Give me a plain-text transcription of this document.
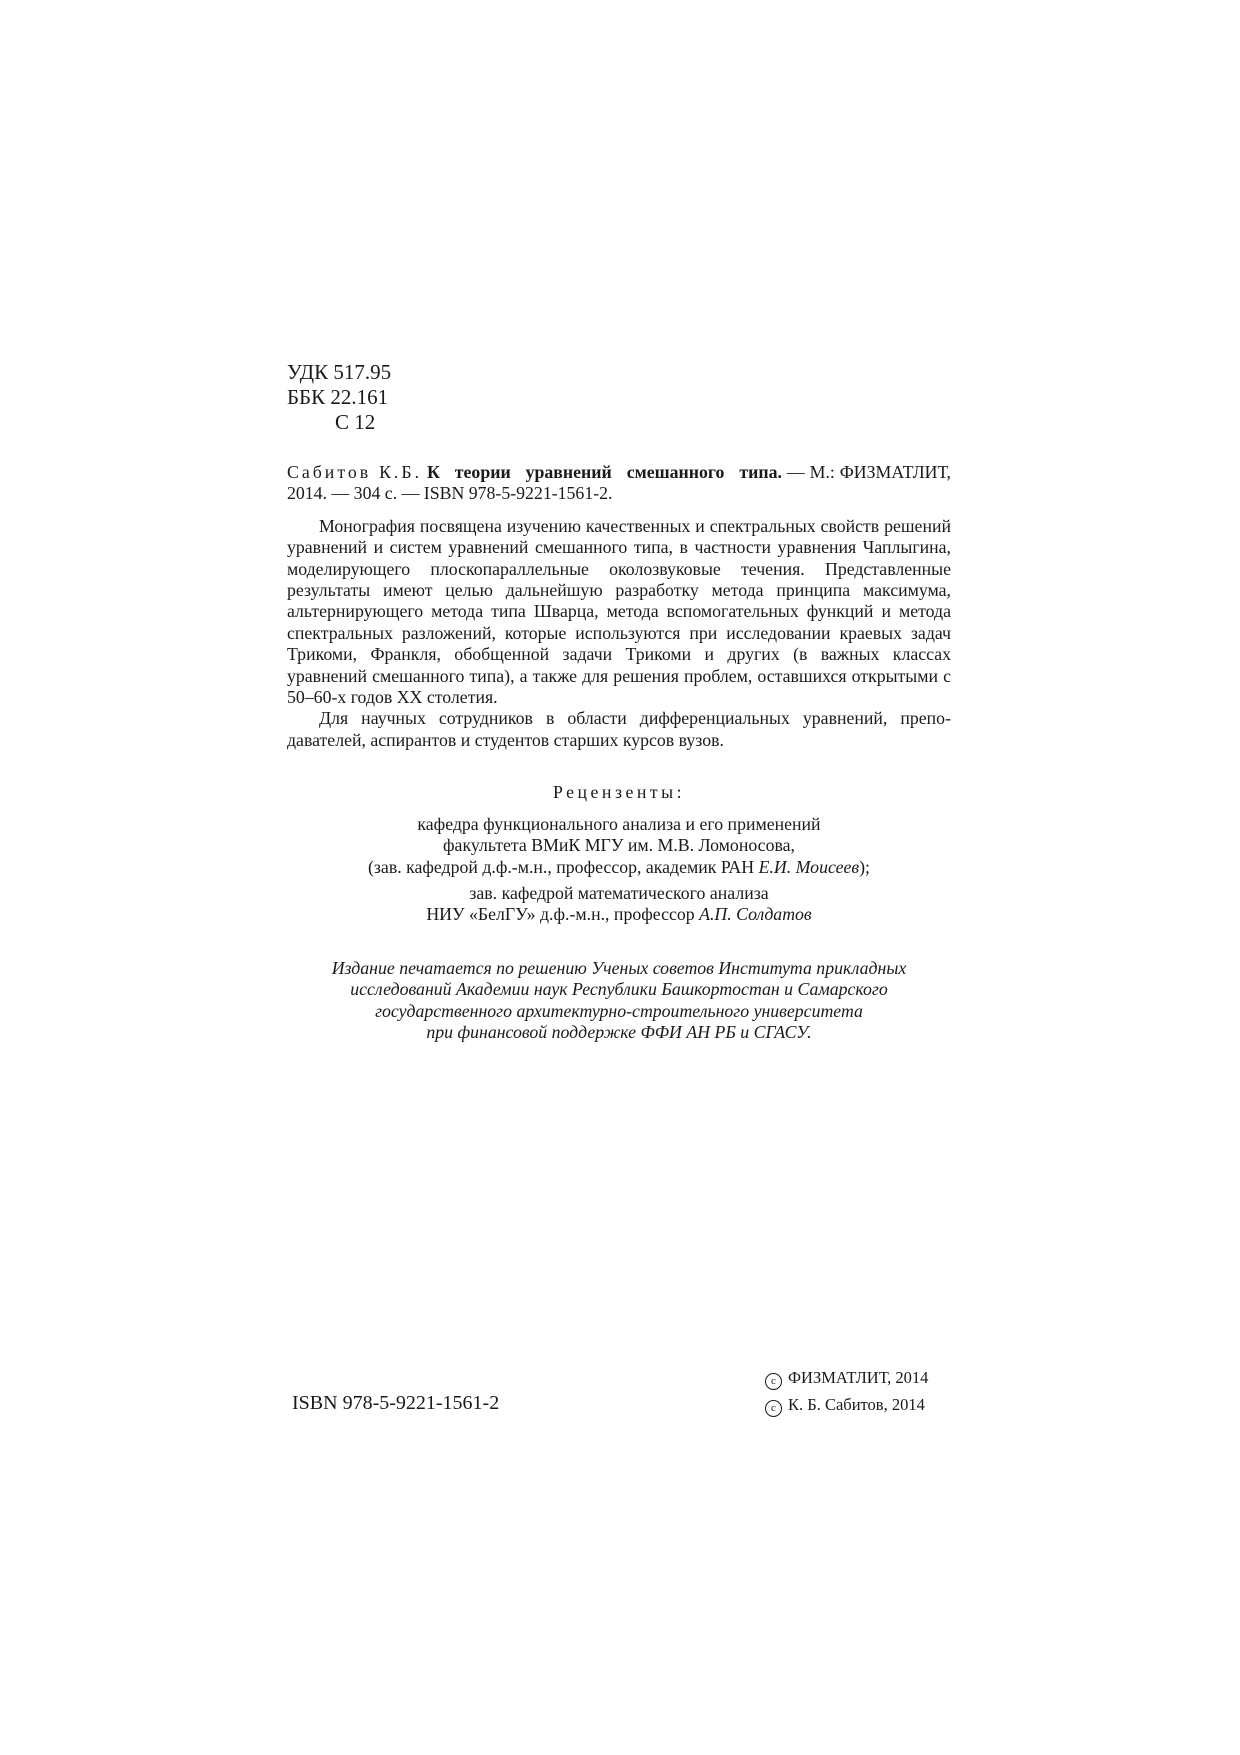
УДК 517.95
ББК 22.161
С 12
Сабитов К.Б. К теории уравнений смешанного типа. — М.: ФИЗМАТЛИТ, 2014. — 304 с. — ISBN 978-5-9221-1561-2.

Монография посвящена изучению качественных и спектральных свойств решений уравнений и систем уравнений смешанного типа, в частности уравнения Чаплыгина, моделирующего плоскопараллельные околозвуковые течения. Представленные результаты имеют целью дальнейшую разработку метода принципа максимума, альтернирующего метода типа Шварца, метода вспомогательных функций и метода спектральных разложений, которые используются при исследовании краевых задач Трикоми, Франкля, обобщенной задачи Трикоми и других (в важных классах уравнений смешанного типа), а также для решения проблем, оставшихся открытыми с 50–60-х годов XX столетия.

Для научных сотрудников в области дифференциальных уравнений, преподавателей, аспирантов и студентов старших курсов вузов.

Рецензенты:
кафедра функционального анализа и его применений
факультета ВМиК МГУ им. М.В. Ломоносова,
(зав. кафедрой д.ф.-м.н., профессор, академик РАН Е.И. Моисеев);
зав. кафедрой математического анализа
НИУ «БелГУ» д.ф.-м.н., профессор А.П. Солдатов
Издание печатается по решению Ученых советов Института прикладных
исследований Академии наук Республики Башкортостан и Самарского
государственного архитектурно-строительного университета
при финансовой поддержке ФФИ АН РБ и СГАСУ.
ISBN 978-5-9221-1561-2
c ФИЗМАТЛИТ, 2014
c К. Б. Сабитов, 2014
